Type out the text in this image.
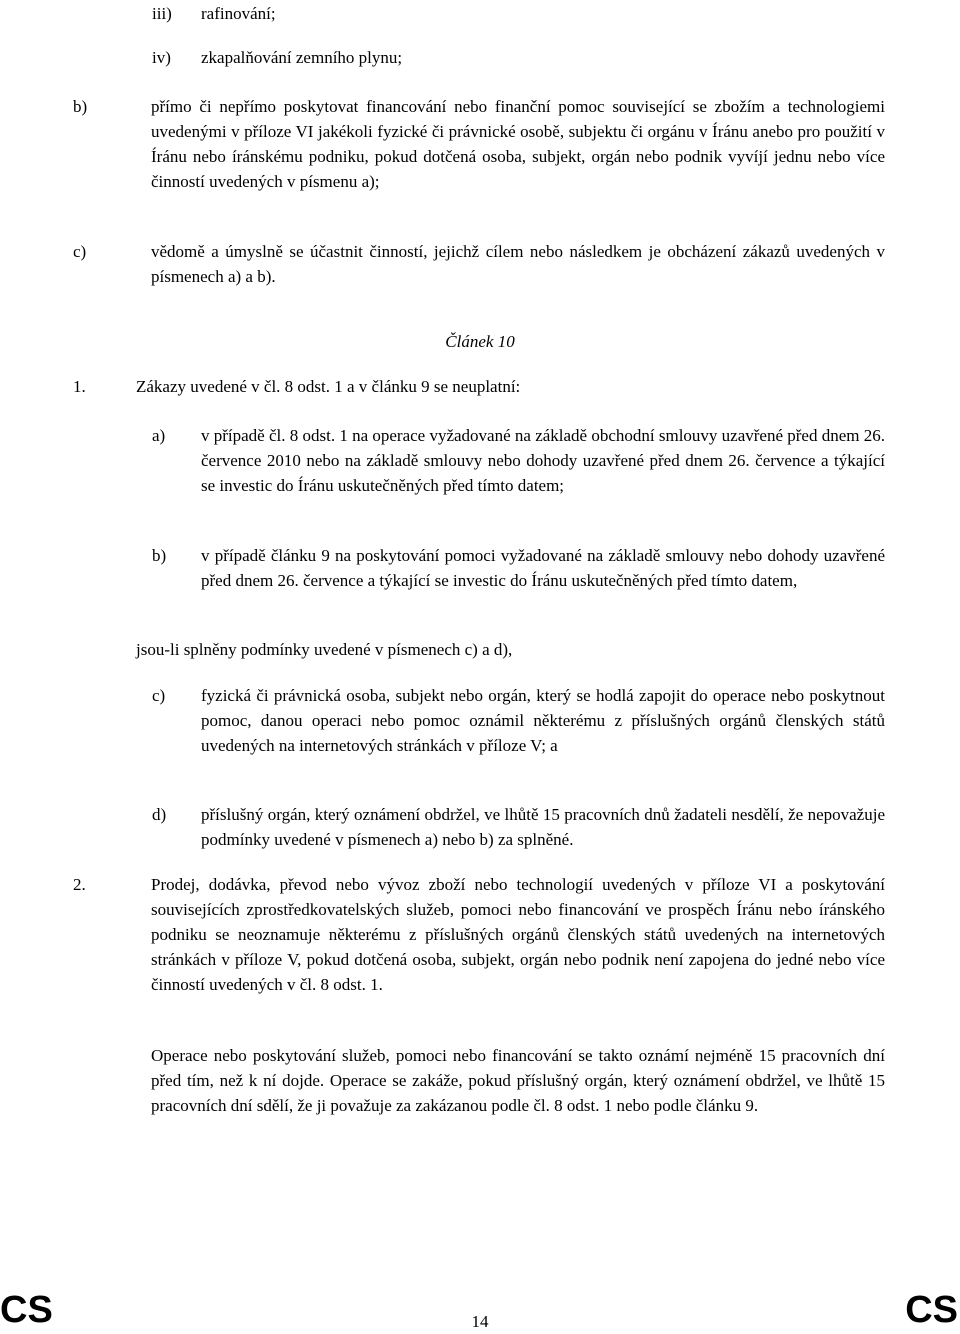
iii) rafinování;
iv) zkapalňování zemního plynu;
b)	přímo či nepřímo poskytovat financování nebo finanční pomoc související se zbožím a technologiemi uvedenými v příloze VI jakékoli fyzické či právnické osobě, subjektu či orgánu v Íránu anebo pro použití v Íránu nebo íránskému podniku, pokud dotčená osoba, subjekt, orgán nebo podnik vyvíjí jednu nebo více činností uvedených v písmenu a);
c)	vědomě a úmyslně se účastnit činností, jejichž cílem nebo následkem je obcházení zákazů uvedených v písmenech a) a b).
Článek 10
1.	Zákazy uvedené v čl. 8 odst. 1 a v článku 9 se neuplatní:
a) v případě čl. 8 odst. 1 na operace vyžadované na základě obchodní smlouvy uzavřené před dnem 26. července 2010 nebo na základě smlouvy nebo dohody uzavřené před dnem 26. července a týkající se investic do Íránu uskutečněných před tímto datem;
b) v případě článku 9 na poskytování pomoci vyžadované na základě smlouvy nebo dohody uzavřené před dnem 26. července a týkající se investic do Íránu uskutečněných před tímto datem,
jsou-li splněny podmínky uvedené v písmenech c) a d),
c) fyzická či právnická osoba, subjekt nebo orgán, který se hodlá zapojit do operace nebo poskytnout pomoc, danou operaci nebo pomoc oznámil některému z příslušných orgánů členských států uvedených na internetových stránkách v příloze V; a
d) příslušný orgán, který oznámení obdržel, ve lhůtě 15 pracovních dnů žadateli nesdělí, že nepovažuje podmínky uvedené v písmenech a) nebo b) za splněné.
2.	Prodej, dodávka, převod nebo vývoz zboží nebo technologií uvedených v příloze VI a poskytování souvisejících zprostředkovatelských služeb, pomoci nebo financování ve prospěch Íránu nebo íránského podniku se neoznamuje některému z příslušných orgánů členských států uvedených na internetových stránkách v příloze V, pokud dotčená osoba, subjekt, orgán nebo podnik není zapojena do jedné nebo více činností uvedených v čl. 8 odst. 1.
Operace nebo poskytování služeb, pomoci nebo financování se takto oznámí nejméně 15 pracovních dní před tím, než k ní dojde. Operace se zakáže, pokud příslušný orgán, který oznámení obdržel, ve lhůtě 15 pracovních dní sdělí, že ji považuje za zakázanou podle čl. 8 odst. 1 nebo podle článku 9.
CS	14	CS
